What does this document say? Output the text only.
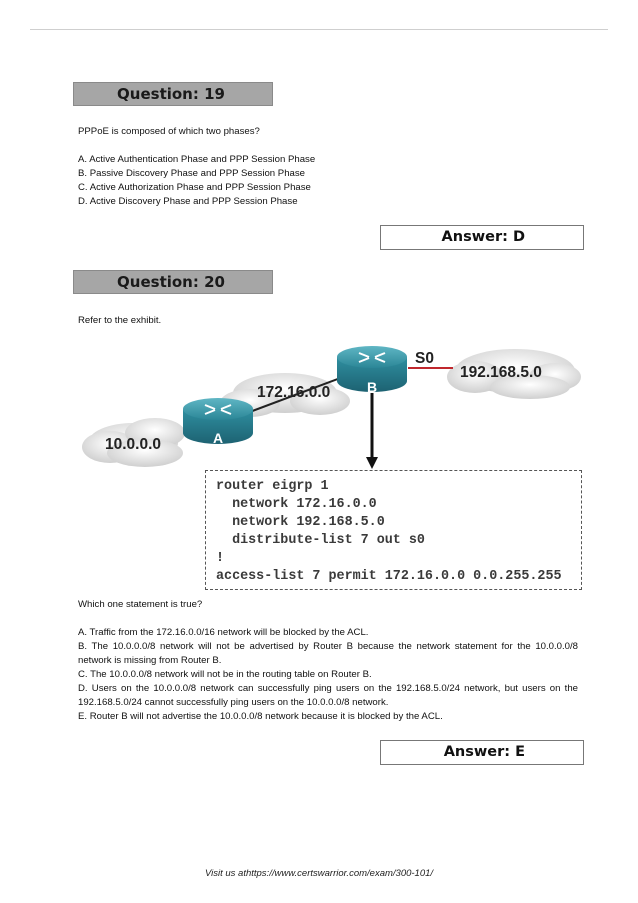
Question: 19
PPPoE is composed of which two phases?
A. Active Authentication Phase and PPP Session Phase
B. Passive Discovery Phase and PPP Session Phase
C. Active Authorization Phase and PPP Session Phase
D. Active Discovery Phase and PPP Session Phase
Answer: D
Question: 20
Refer to the exhibit.
A
B
10.0.0.0
172.16.0.0
192.168.5.0
S0
router eigrp 1
network 172.16.0.0
network 192.168.5.0
distribute-list 7 out s0
!
access-list 7 permit 172.16.0.0 0.0.255.255
Which one statement is true?
A. Traffic from the 172.16.0.0/16 network will be blocked by the ACL.
B. The 10.0.0.0/8 network will not be advertised by Router B because the network statement for the 10.0.0.0/8 network is missing from Router B.
C. The 10.0.0.0/8 network will not be in the routing table on Router B.
D. Users on the 10.0.0.0/8 network can successfully ping users on the 192.168.5.0/24 network, but users on the 192.168.5.0/24 cannot successfully ping users on the 10.0.0.0/8 network.
E. Router B will not advertise the 10.0.0.0/8 network because it is blocked by the ACL.
Answer: E
Visit us athttps://www.certswarrior.com/exam/300-101/
